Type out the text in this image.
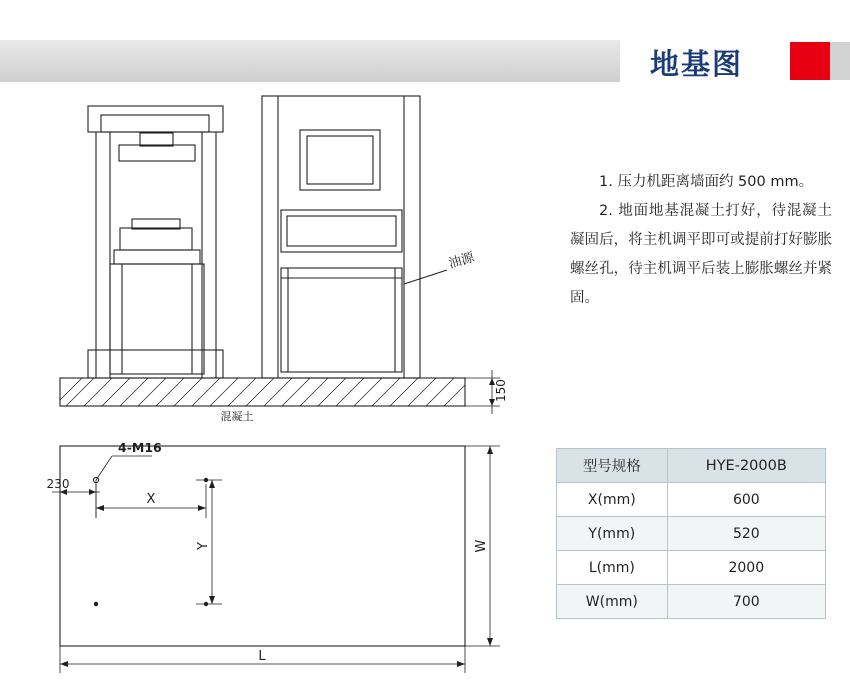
地基图
油源
混凝土
150
4-M16
230
X
Y	W
L

1. 压力机距离墙面约 500 mm。

2. 地面地基混凝土打好，待混凝土凝固后，将主机调平即可或提前打好膨胀螺丝孔，待主机调平后装上膨胀螺丝并紧固。

型号规格	HYE-2000B
X(mm)	600
Y(mm)	520
L(mm)	2000
W(mm)	700
